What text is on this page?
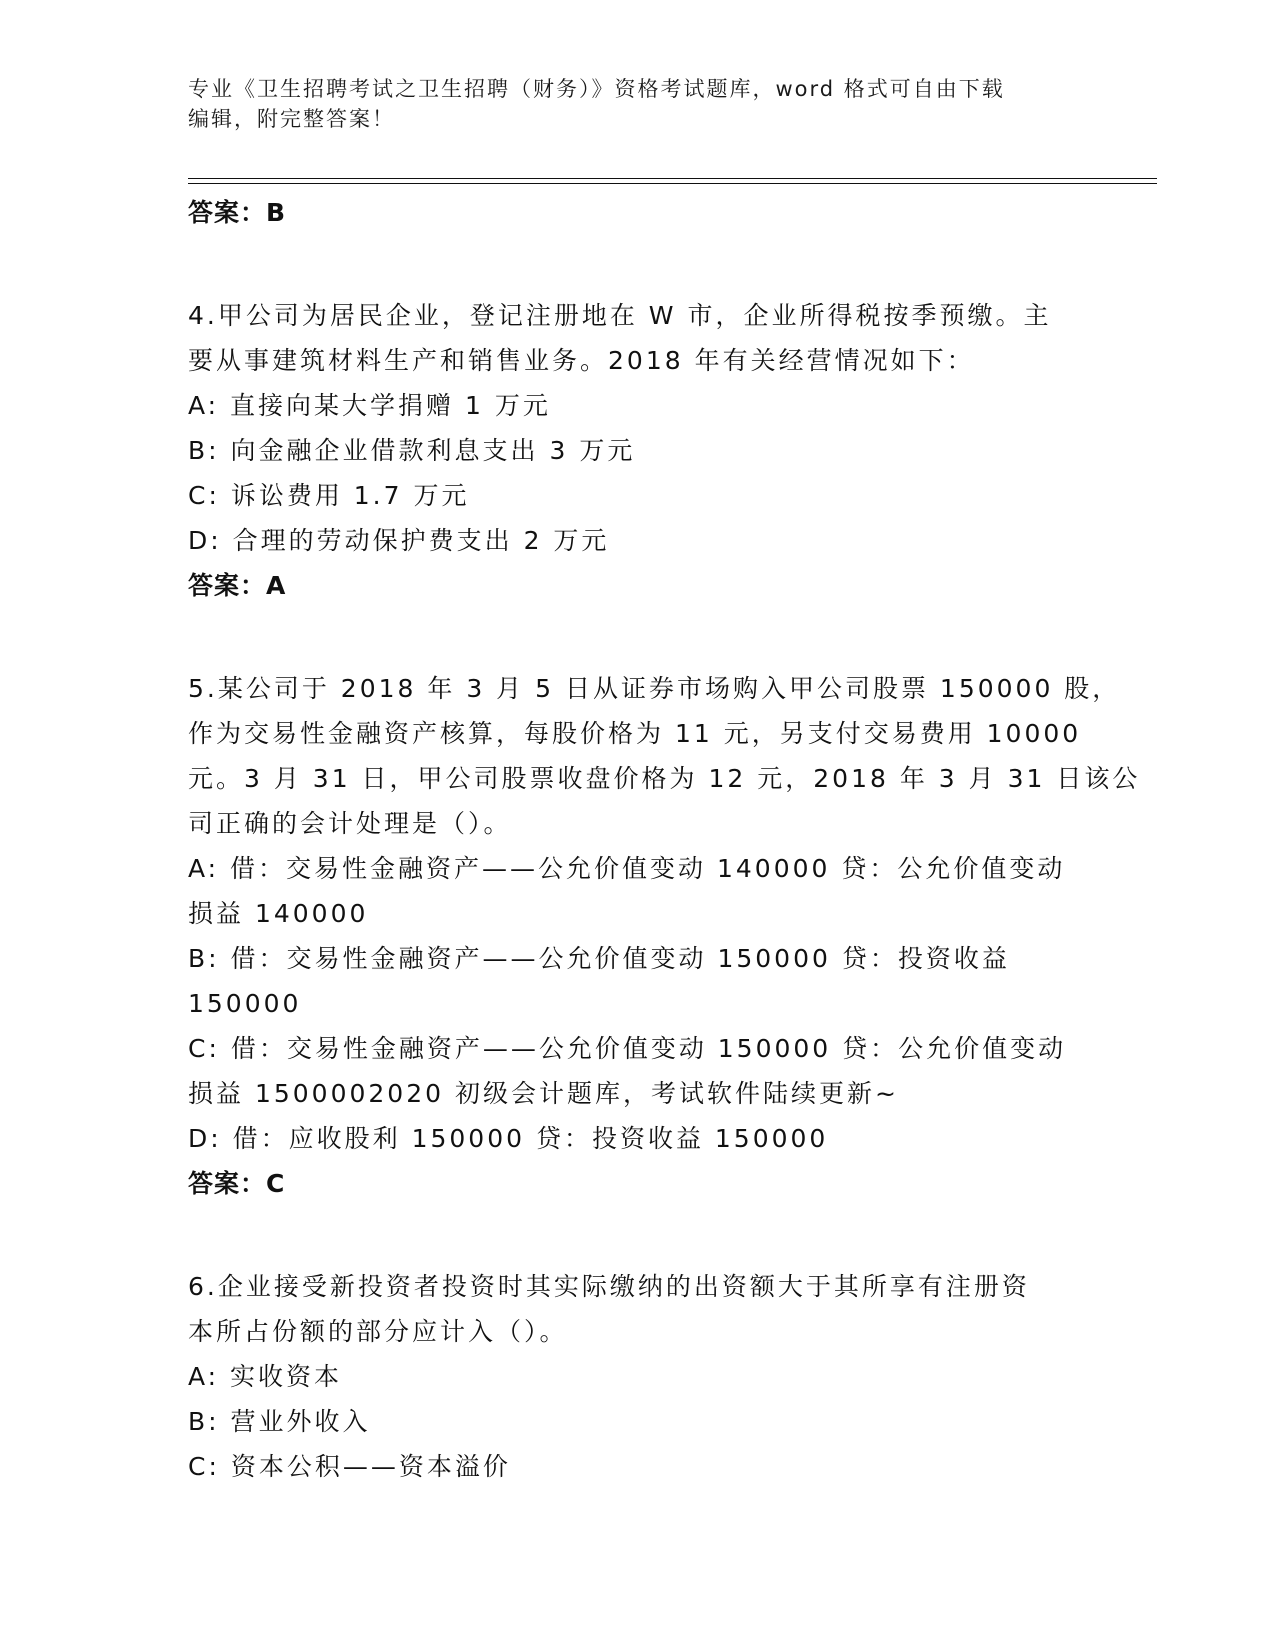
专业《卫生招聘考试之卫生招聘（财务）》资格考试题库，word 格式可自由下载
编辑，附完整答案！
答案：B
4.甲公司为居民企业，登记注册地在 W 市，企业所得税按季预缴。主
要从事建筑材料生产和销售业务。2018 年有关经营情况如下：
A: 直接向某大学捐赠 1 万元
B: 向金融企业借款利息支出 3 万元
C: 诉讼费用 1.7 万元
D: 合理的劳动保护费支出 2 万元
答案：A
5.某公司于 2018 年 3 月 5 日从证券市场购入甲公司股票 150000 股，
作为交易性金融资产核算，每股价格为 11 元，另支付交易费用 10000
元。3 月 31 日，甲公司股票收盘价格为 12 元，2018 年 3 月 31 日该公
司正确的会计处理是（）。
A: 借：交易性金融资产——公允价值变动 140000 贷：公允价值变动
损益 140000
B: 借：交易性金融资产——公允价值变动 150000 贷：投资收益
150000
C: 借：交易性金融资产——公允价值变动 150000 贷：公允价值变动
损益 1500002020 初级会计题库，考试软件陆续更新~
D: 借：应收股利 150000 贷：投资收益 150000
答案：C
6.企业接受新投资者投资时其实际缴纳的出资额大于其所享有注册资
本所占份额的部分应计入（）。
A: 实收资本
B: 营业外收入
C: 资本公积——资本溢价
